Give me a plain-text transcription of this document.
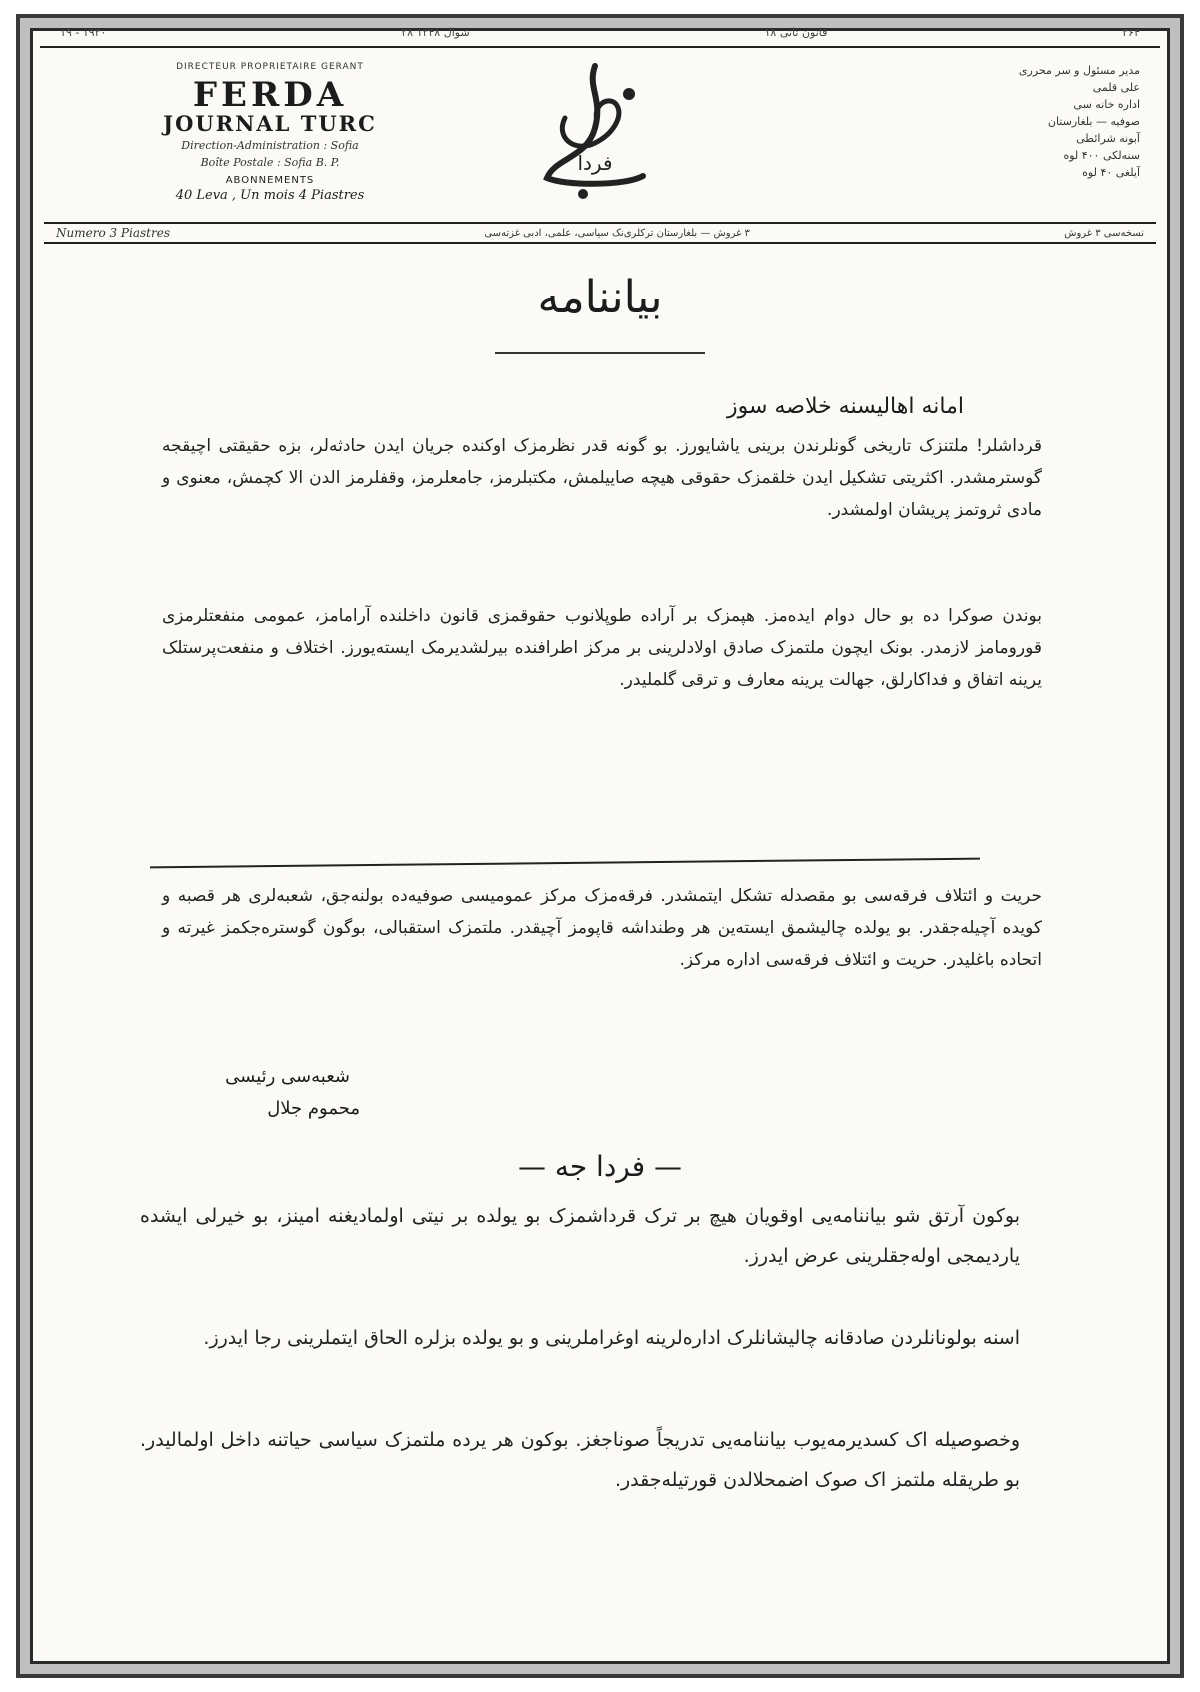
۱۹ - ۱۹۳۰	۲۸ شوال ۱۳۴۸	۱۸ قانون ثانی	۳۶۴
DIRECTEUR PROPRIETAIRE GERANT
FERDA
JOURNAL TURC
Direction-Administration : Sofia
Boîte Postale : Sofia B. P.
ABONNEMENTS
40 Leva , Un mois 4 Piastres
فردا
مدیر مسئول و سر محرری
علی قلمی
اداره خانه سی
صوفیه — بلغارستان
آبونه شرائطی
سنه‌لکی ۴۰۰ لوه
آیلغی ۴۰ لوه
Numero 3 Piastres	۳ غروش — بلغارستان ترکلری‌نک سیاسی، علمی، ادبی غزته‌سی	نسخه‌سی ۳ غروش
بیاننامه
امانه اهالیسنه خلاصه سوز
قرداشلر! ملتنزک تاریخی گونلرندن برینی یاشایورز. بو گونه قدر نظرمزک اوکنده جریان ایدن حادثه‌لر، بزه حقیقتی اچیقجه گوسترمشدر. اکثریتی تشکیل ایدن خلقمزک حقوقی هیچه صاییلمش، مکتبلرمز، جامعلرمز، وقفلرمز الدن الا کچمش، معنوی و مادی ثروتمز پریشان اولمشدر.
بوندن صوکرا ده بو حال دوام ایده‌مز. هپمزک بر آراده طوپلانوب حقوقمزی قانون داخلنده آرامامز، عمومی منفعتلرمزی قورومامز لازمدر. بونک ایچون ملتمزک صادق اولادلرینی بر مرکز اطرافنده بیرلشدیرمک ایسته‌یورز. اختلاف و منفعت‌پرستلک یرینه اتفاق و فداکارلق، جهالت یرینه معارف و ترقی گلملیدر.
حریت و ائتلاف فرقه‌سی بو مقصدله تشکل ایتمشدر. فرقه‌مزک مرکز عمومیسی صوفیه‌ده بولنه‌جق، شعبه‌لری هر قصبه و کویده آچیله‌جقدر. بو یولده چالیشمق ایسته‌ین هر وطنداشه قاپومز آچیقدر. ملتمزک استقبالی، بوگون گوستره‌جکمز غیرته و اتحاده باغلیدر. حریت و ائتلاف فرقه‌سی اداره مرکز.
شعبه‌سی رئیسی
محموم جلال
— فردا جه —
بوکون آرتق شو بیاننامه‌یی اوقویان هیچ بر ترک قرداشمزک بو یولده بر نیتی اولمادیغنه امینز، بو خیرلی ایشده یاردیمجی اوله‌جقلرینی عرض ایدرز.
اسنه بولونانلردن صادقانه چالیشانلرک اداره‌لرینه اوغراملرینی و بو یولده بزلره الحاق ایتملرینی رجا ایدرز.
وخصوصیله اک کسدیرمه‌یوب بیاننامه‌یی تدریجاً صوناجغز. بوکون هر یرده ملتمزک سیاسی حیاتنه داخل اولمالیدر. بو طریقله ملتمز اک صوک اضمحلالدن قورتیله‌جقدر.
